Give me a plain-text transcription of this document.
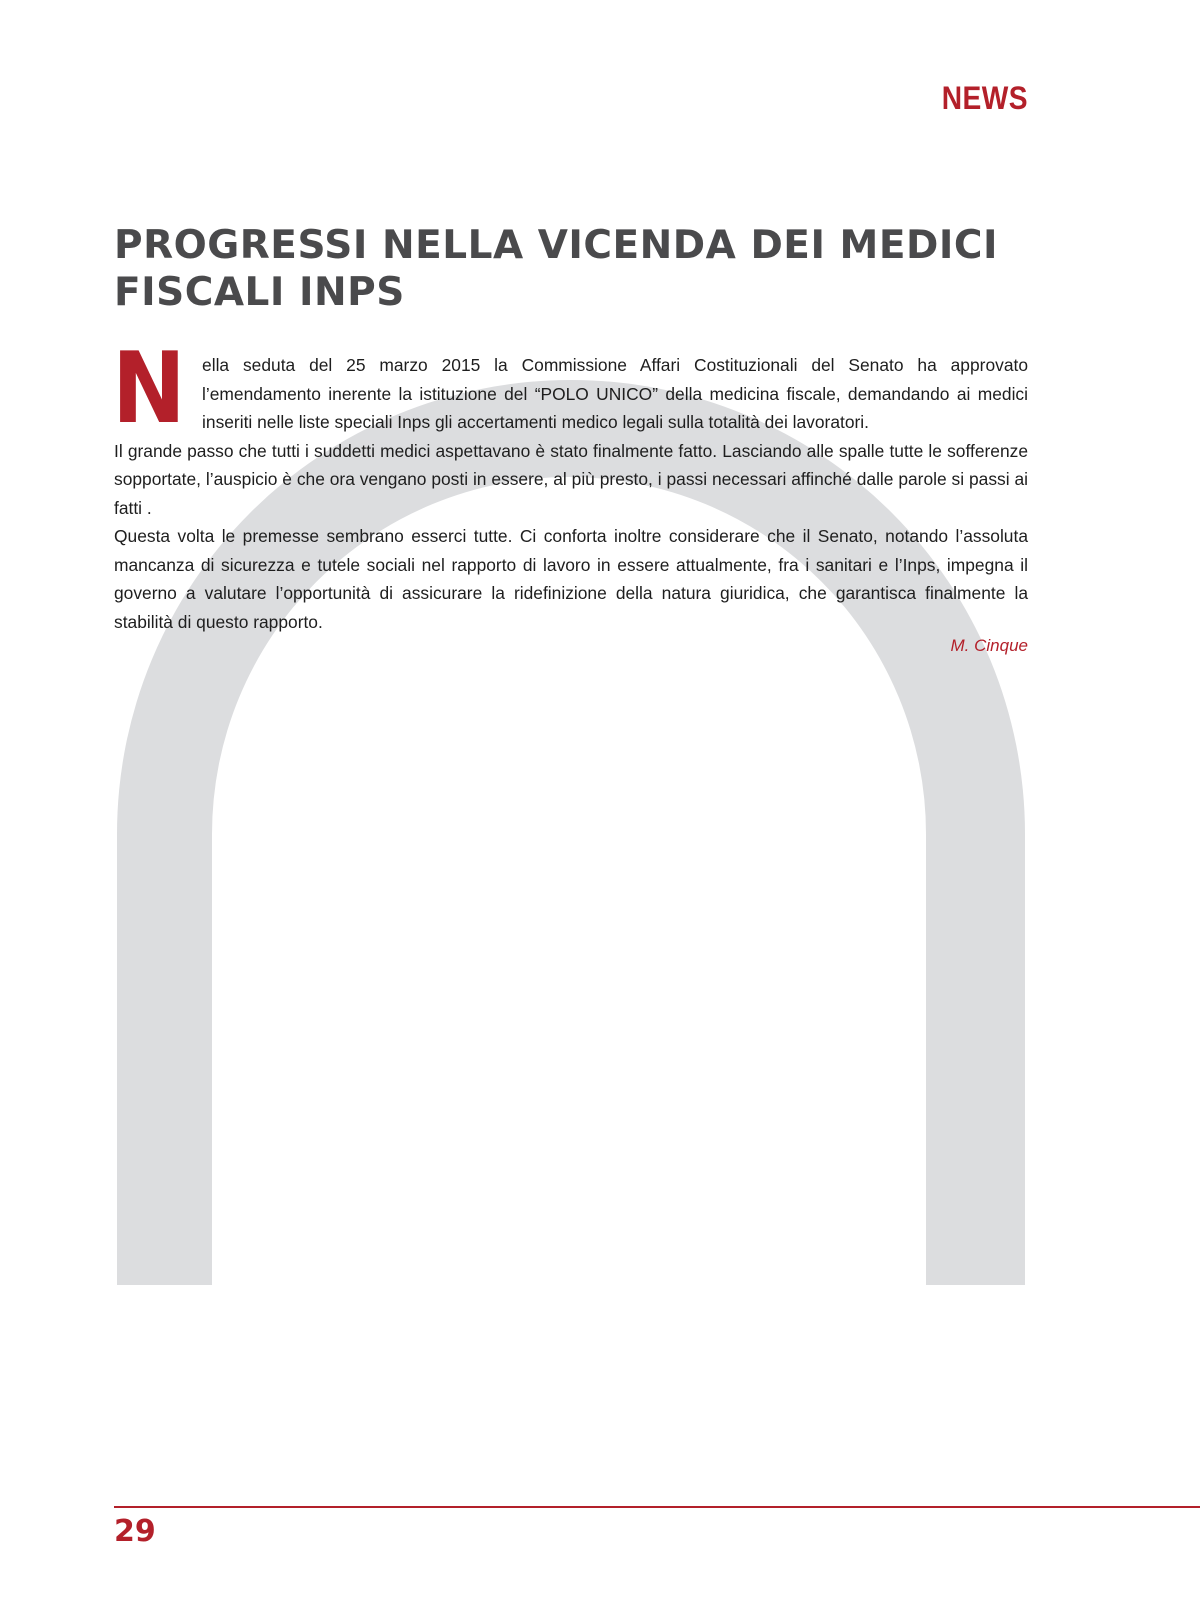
NEWS
PROGRESSI NELLA VICENDA DEI MEDICI FISCALI INPS

Nella seduta del 25 marzo 2015 la Commissione Affari Costituzionali del Senato ha approvato l’emendamento inerente la istituzione del “POLO UNICO” della medicina fiscale, demandando ai medici inseriti nelle liste speciali Inps gli accertamenti medico legali sulla totalità dei lavoratori.

Il grande passo che tutti i suddetti medici aspettavano è stato finalmente fatto. Lasciando alle spalle tutte le sofferenze sopportate, l’auspicio è che ora vengano posti in essere, al più presto, i passi necessari affinché dalle parole si passi ai fatti .

Questa volta le premesse sembrano esserci tutte. Ci conforta inoltre considerare che il Senato, notando l’assoluta mancanza di sicurezza e tutele sociali nel rapporto di lavoro in essere attualmente, fra i sanitari e l’Inps, impegna il governo a valutare l’opportunità di assicurare la ridefinizione della natura giuridica, che garantisca finalmente la stabilità di questo rapporto.

M. Cinque
29
